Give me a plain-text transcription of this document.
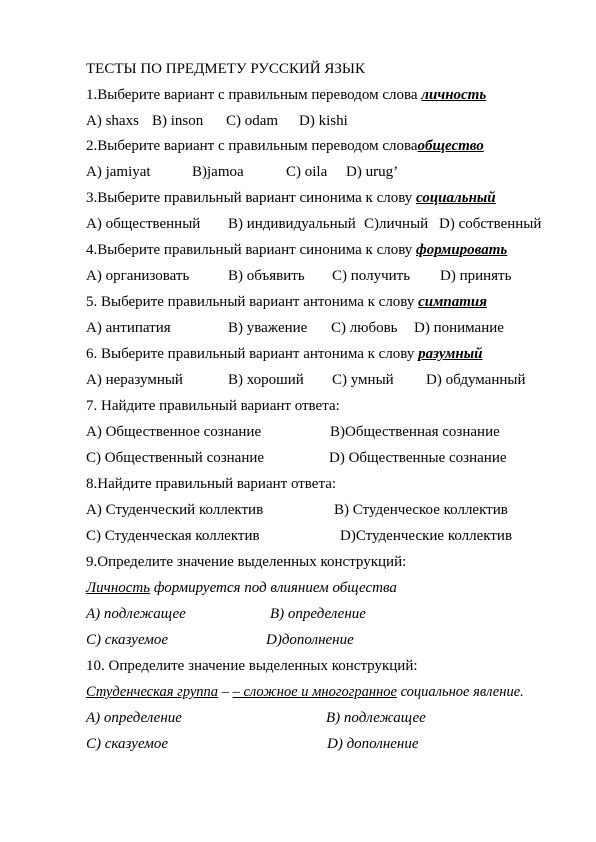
ТЕСТЫ ПО ПРЕДМЕТУ РУССКИЙ ЯЗЫК
1.Выберите вариант с правильным переводом слова личность
A) shaxs B) inson C) odam D) kishi
2.Выберите вариант с правильным переводом словаобщество
A) jamiyat	B)jamoa	C) oila D) urug’
3.Выберите правильный вариант синонима к слову социальный
A) общественный B) индивидуальный C)личный D) собственный
4.Выберите правильный вариант синонима к слову формировать
A) организовать	B) объявить C) получить D) принять
5. Выберите правильный вариант антонима к слову симпатия
A) антипатия	B) уважение C) любовь D) понимание
6. Выберите правильный вариант антонима к слову разумный
A) неразумный	B) хороший C) умный D) обдуманный
7. Найдите правильный вариант ответа:
A) Общественное сознание	B)Общественная сознание
C) Общественный сознание	D) Общественные сознание
8.Найдите правильный вариант ответа:
A) Студенческий коллектив	B) Студенческое коллектив
C) Студенческая коллектив	D)Студенческие коллектив
9.Определите значение выделенных конструкций:
Личность формируется под влиянием общества
A) подлежащее	B) определение
C) сказуемое	D)дополнение
10. Определите значение выделенных конструкций:
Студенческая группа – – сложное и многогранное социальное явление.
A) определение	B) подлежащее
C) сказуемое	D) дополнение
